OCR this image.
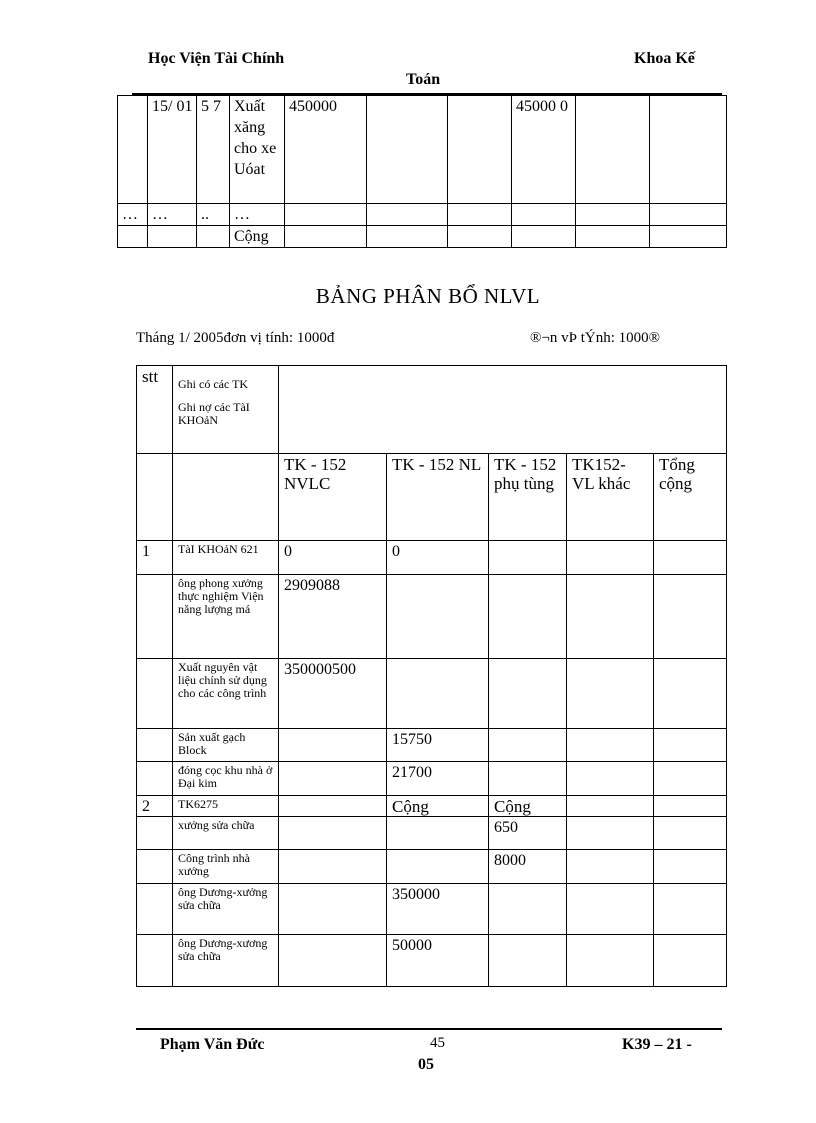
Học Viện Tài Chính	Khoa Kế
Toán
	15/ 01	5 7	Xuất xăng cho xe Uóat	450000			45000 0		
…	…	..	…						
			Cộng						
BẢNG PHÂN BỔ NLVL
Tháng 1/ 2005đơn vị tính: 1000đ	®¬n vÞ tÝnh: 1000®
stt	Ghi có các TK
Ghi nợ các TàI KHOảN					

		TK - 152 NVLC	TK - 152 NL	TK - 152 phụ tùng	TK152- VL khác	Tổng cộng
1	TàI KHOảN 621	0	0			
	ông phong xưởng thực nghiệm Viện năng lượng má	2909088				
	Xuất nguyên vật liệu chính sử dụng cho các công trình	350000500				
	Sản xuất gạch Block		15750			
	đóng cọc khu nhà ở Đại kim		21700			
2	TK6275		Cộng	Cộng		
	xưởng sửa chữa			650		
	Công trình nhà xưởng			8000		
	ông Dương-xưởng sửa chữa		350000			
	ông Dương-xương sửa chữa		50000			
Phạm Văn Đức	45
05
K39 – 21 -
